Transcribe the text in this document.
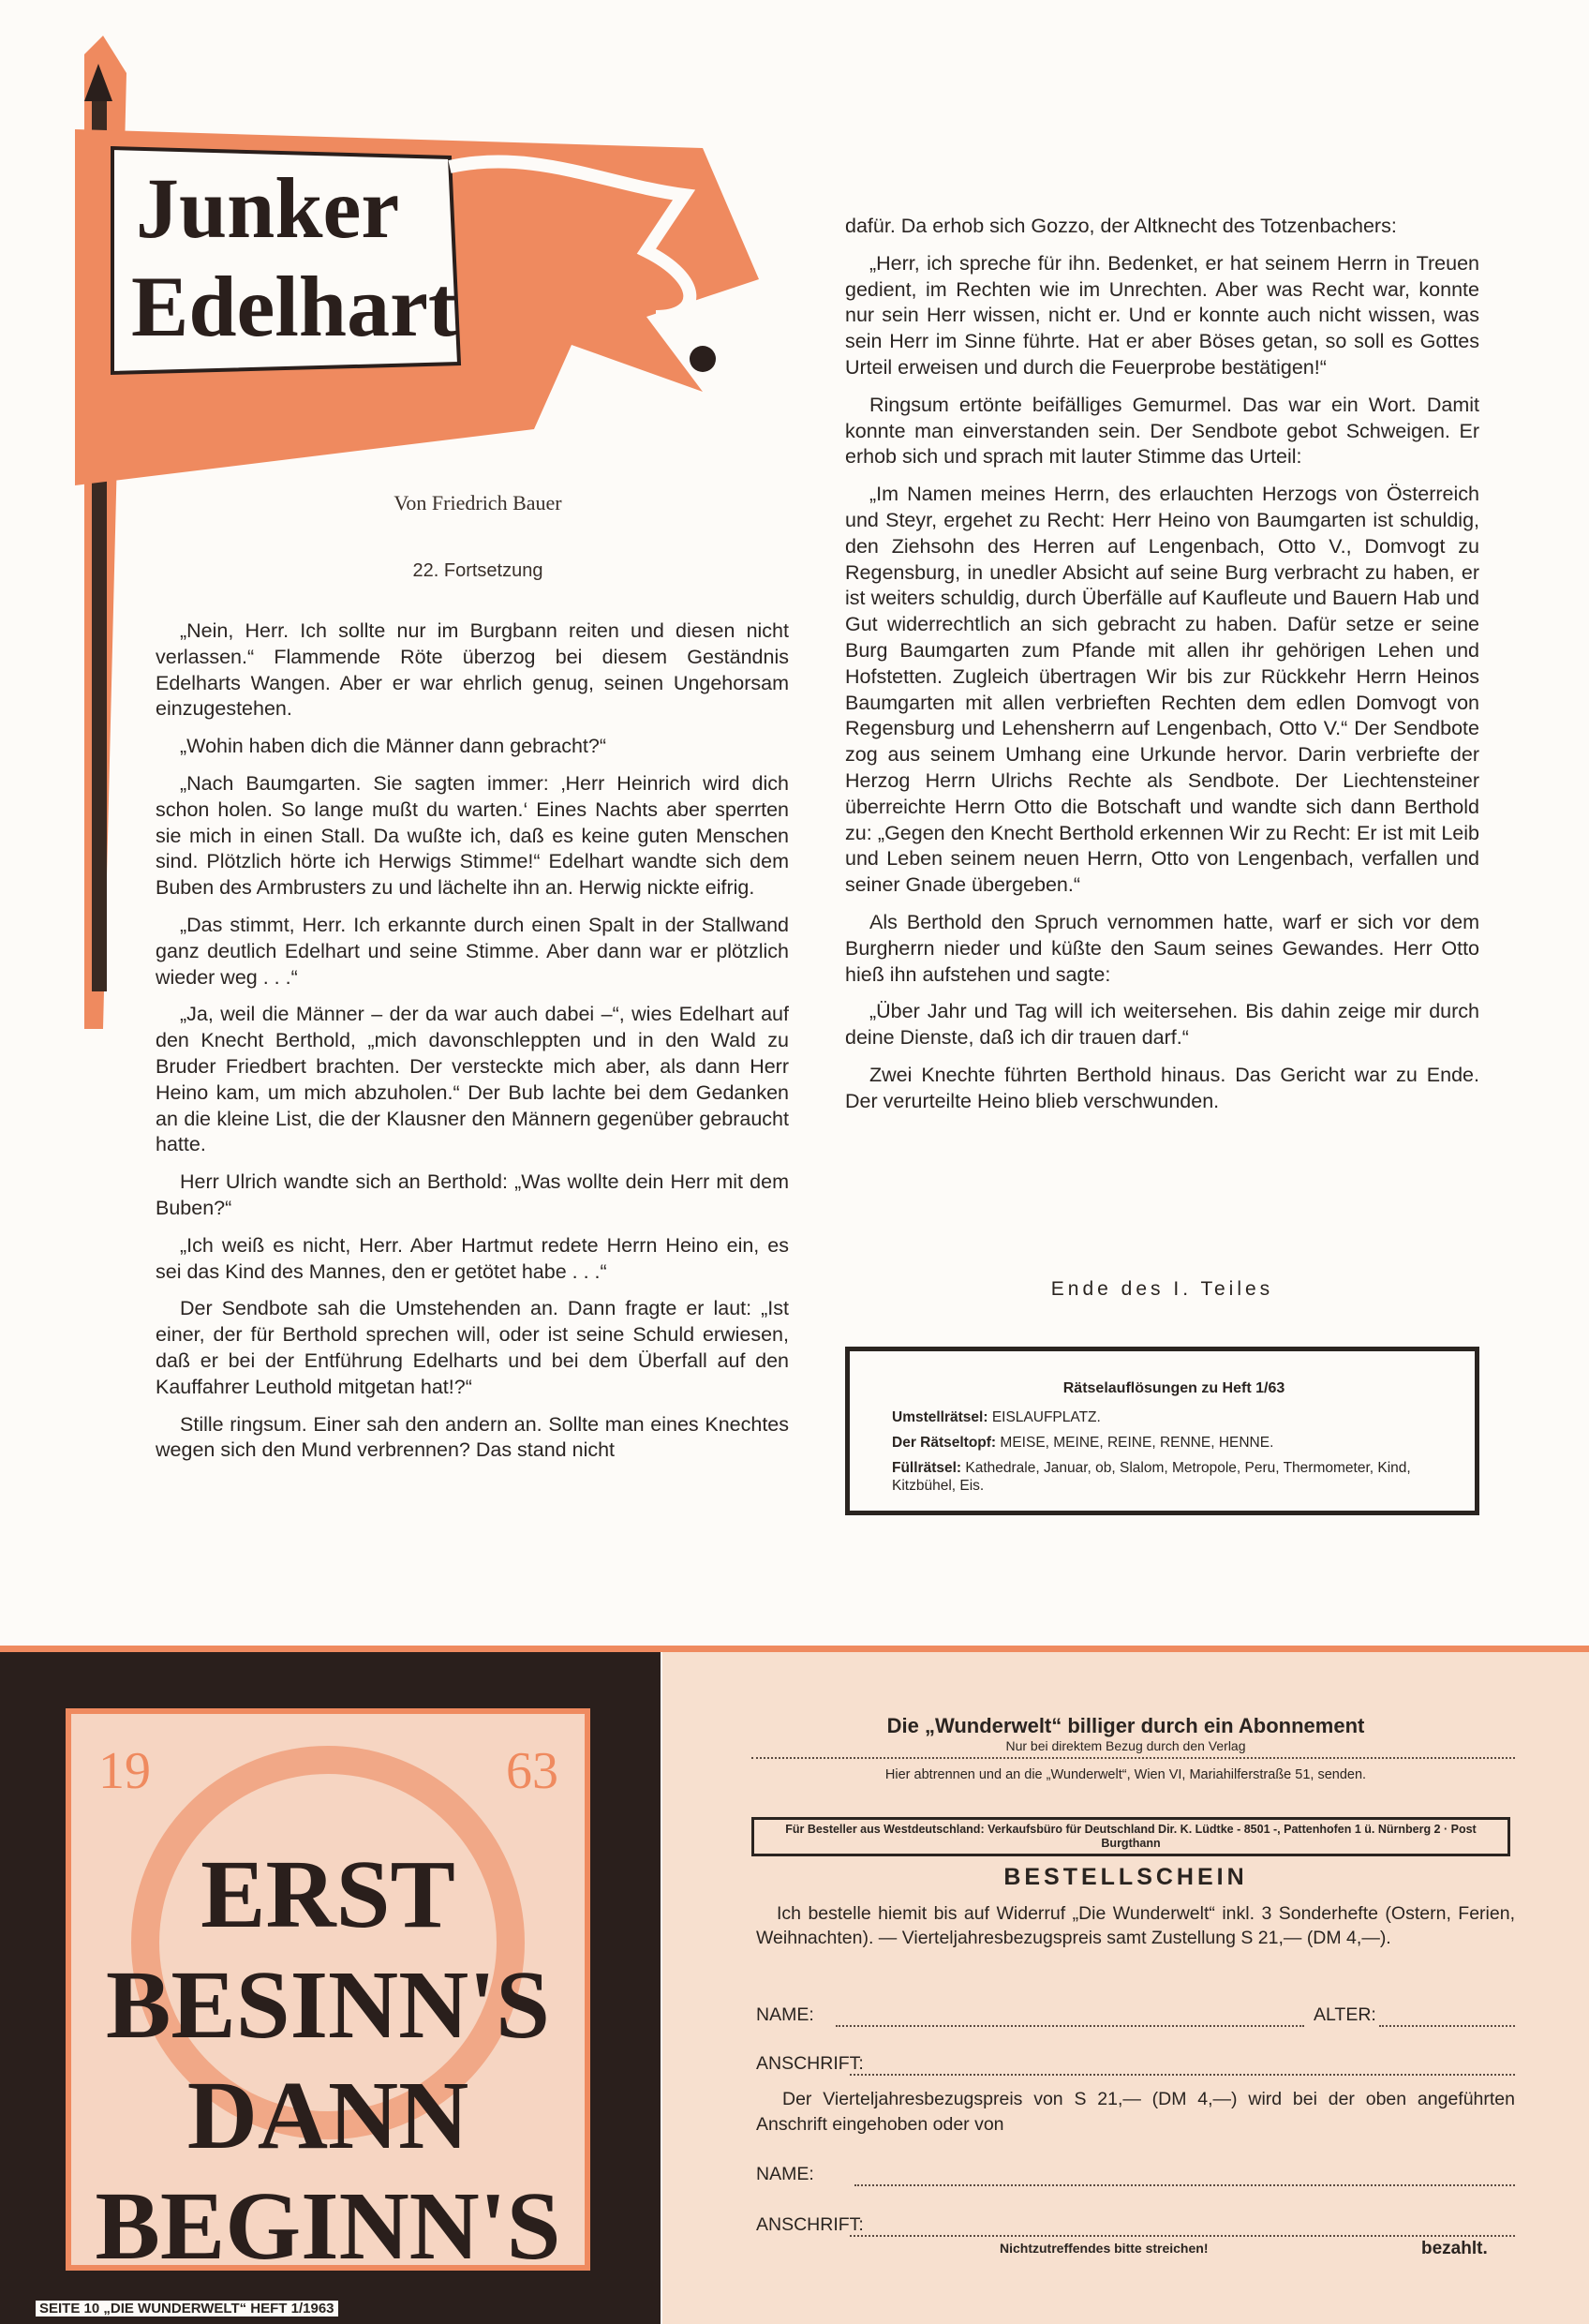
Junker
Edelhart
Von Friedrich Bauer
22. Fortsetzung

„Nein, Herr. Ich sollte nur im Burgbann reiten und diesen nicht verlassen.“ Flammende Röte überzog bei diesem Geständnis Edelharts Wangen. Aber er war ehrlich genug, seinen Ungehorsam einzugestehen.

„Wohin haben dich die Männer dann gebracht?“

„Nach Baumgarten. Sie sagten immer: ‚Herr Heinrich wird dich schon holen. So lange mußt du warten.‘ Eines Nachts aber sperrten sie mich in einen Stall. Da wußte ich, daß es keine guten Menschen sind. Plötzlich hörte ich Herwigs Stimme!“ Edelhart wandte sich dem Buben des Armbrusters zu und lächelte ihn an. Herwig nickte eifrig.

„Das stimmt, Herr. Ich erkannte durch einen Spalt in der Stallwand ganz deutlich Edelhart und seine Stimme. Aber dann war er plötzlich wieder weg . . .“

„Ja, weil die Männer – der da war auch dabei –“, wies Edelhart auf den Knecht Berthold, „mich davonschleppten und in den Wald zu Bruder Friedbert brachten. Der versteckte mich aber, als dann Herr Heino kam, um mich abzuholen.“ Der Bub lachte bei dem Gedanken an die kleine List, die der Klausner den Männern gegenüber gebraucht hatte.

Herr Ulrich wandte sich an Berthold: „Was wollte dein Herr mit dem Buben?“

„Ich weiß es nicht, Herr. Aber Hartmut redete Herrn Heino ein, es sei das Kind des Mannes, den er getötet habe . . .“

Der Sendbote sah die Umstehenden an. Dann fragte er laut: „Ist einer, der für Berthold sprechen will, oder ist seine Schuld erwiesen, daß er bei der Entführung Edelharts und bei dem Überfall auf den Kauffahrer Leuthold mitgetan hat!?“

Stille ringsum. Einer sah den andern an. Sollte man eines Knechtes wegen sich den Mund verbrennen? Das stand nicht

dafür. Da erhob sich Gozzo, der Altknecht des Totzenbachers:

„Herr, ich spreche für ihn. Bedenket, er hat seinem Herrn in Treuen gedient, im Rechten wie im Unrechten. Aber was Recht war, konnte nur sein Herr wissen, nicht er. Und er konnte auch nicht wissen, was sein Herr im Sinne führte. Hat er aber Böses getan, so soll es Gottes Urteil erweisen und durch die Feuerprobe bestätigen!“

Ringsum ertönte beifälliges Gemurmel. Das war ein Wort. Damit konnte man einverstanden sein. Der Sendbote gebot Schweigen. Er erhob sich und sprach mit lauter Stimme das Urteil:

„Im Namen meines Herrn, des erlauchten Herzogs von Österreich und Steyr, ergehet zu Recht: Herr Heino von Baumgarten ist schuldig, den Ziehsohn des Herren auf Lengenbach, Otto V., Domvogt zu Regensburg, in unedler Absicht auf seine Burg verbracht zu haben, er ist weiters schuldig, durch Überfälle auf Kaufleute und Bauern Hab und Gut widerrechtlich an sich gebracht zu haben. Dafür setze er seine Burg Baumgarten zum Pfande mit allen ihr gehörigen Lehen und Hofstetten. Zugleich übertragen Wir bis zur Rückkehr Herrn Heinos Baumgarten mit allen verbrieften Rechten dem edlen Domvogt von Regensburg und Lehensherrn auf Lengenbach, Otto V.“ Der Sendbote zog aus seinem Umhang eine Urkunde hervor. Darin verbriefte der Herzog Herrn Ulrichs Rechte als Sendbote. Der Liechtensteiner überreichte Herrn Otto die Botschaft und wandte sich dann Berthold zu: „Gegen den Knecht Berthold erkennen Wir zu Recht: Er ist mit Leib und Leben seinem neuen Herrn, Otto von Lengenbach, verfallen und seiner Gnade übergeben.“

Als Berthold den Spruch vernommen hatte, warf er sich vor dem Burgherrn nieder und küßte den Saum seines Gewandes. Herr Otto hieß ihn aufstehen und sagte:

„Über Jahr und Tag will ich weitersehen. Bis dahin zeige mir durch deine Dienste, daß ich dir trauen darf.“

Zwei Knechte führten Berthold hinaus. Das Gericht war zu Ende. Der verurteilte Heino blieb verschwunden.

Ende des I. Teiles
Rätselauflösungen zu Heft 1/63

Umstellrätsel: EISLAUFPLATZ.

Der Rätseltopf: MEISE, MEINE, REINE, RENNE, HENNE.

Füllrätsel: Kathedrale, Januar, ob, Slalom, Metropole, Peru, Thermometer, Kind, Kitzbühel, Eis.

19	63
ERST
BESINN'S
DANN
BEGINN'S
Die „Wunderwelt“ billiger durch ein Abonnement
Nur bei direktem Bezug durch den Verlag
Hier abtrennen und an die „Wunderwelt“, Wien VI, Mariahilferstraße 51, senden.
Für Besteller aus Westdeutschland: Verkaufsbüro für Deutschland Dir. K. Lüdtke - 8501 -, Pattenhofen 1 ü. Nürnberg 2 · Post Burgthann
BESTELLSCHEIN
Ich bestelle hiemit bis auf Widerruf „Die Wunderwelt“ inkl. 3 Sonderhefte (Ostern, Ferien, Weihnachten). — Vierteljahresbezugspreis samt Zustellung S 21,— (DM 4,—).
NAME:	ALTER:
ANSCHRIFT:
Der Vierteljahresbezugspreis von S 21,— (DM 4,—) wird bei der oben angeführten Anschrift eingehoben oder von
NAME:
ANSCHRIFT:
Nichtzutreffendes bitte streichen!	bezahlt.
SEITE 10 „DIE WUNDERWELT“ HEFT 1/1963
